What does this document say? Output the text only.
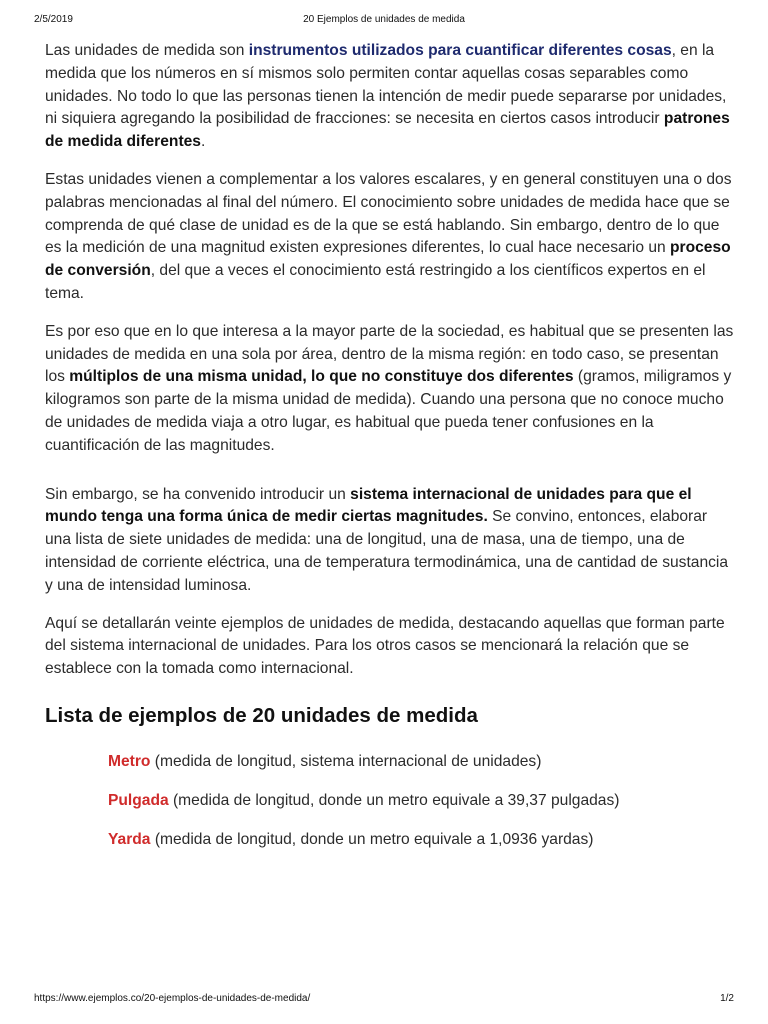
2/5/2019	20 Ejemplos de unidades de medida

Las unidades de medida son instrumentos utilizados para cuantificar diferentes cosas, en la medida que los números en sí mismos solo permiten contar aquellas cosas separables como unidades. No todo lo que las personas tienen la intención de medir puede separarse por unidades, ni siquiera agregando la posibilidad de fracciones: se necesita en ciertos casos introducir patrones de medida diferentes.

Estas unidades vienen a complementar a los valores escalares, y en general constituyen una o dos palabras mencionadas al final del número. El conocimiento sobre unidades de medida hace que se comprenda de qué clase de unidad es de la que se está hablando. Sin embargo, dentro de lo que es la medición de una magnitud existen expresiones diferentes, lo cual hace necesario un proceso de conversión, del que a veces el conocimiento está restringido a los científicos expertos en el tema.

Es por eso que en lo que interesa a la mayor parte de la sociedad, es habitual que se presenten las unidades de medida en una sola por área, dentro de la misma región: en todo caso, se presentan los múltiplos de una misma unidad, lo que no constituye dos diferentes (gramos, miligramos y kilogramos son parte de la misma unidad de medida). Cuando una persona que no conoce mucho de unidades de medida viaja a otro lugar, es habitual que pueda tener confusiones en la cuantificación de las magnitudes.

Sin embargo, se ha convenido introducir un sistema internacional de unidades para que el mundo tenga una forma única de medir ciertas magnitudes. Se convino, entonces, elaborar una lista de siete unidades de medida: una de longitud, una de masa, una de tiempo, una de intensidad de corriente eléctrica, una de temperatura termodinámica, una de cantidad de sustancia y una de intensidad luminosa.

Aquí se detallarán veinte ejemplos de unidades de medida, destacando aquellas que forman parte del sistema internacional de unidades. Para los otros casos se mencionará la relación que se establece con la tomada como internacional.

Lista de ejemplos de 20 unidades de medida
Metro (medida de longitud, sistema internacional de unidades)
Pulgada (medida de longitud, donde un metro equivale a 39,37 pulgadas)
Yarda (medida de longitud, donde un metro equivale a 1,0936 yardas)
https://www.ejemplos.co/20-ejemplos-de-unidades-de-medida/	1/2
